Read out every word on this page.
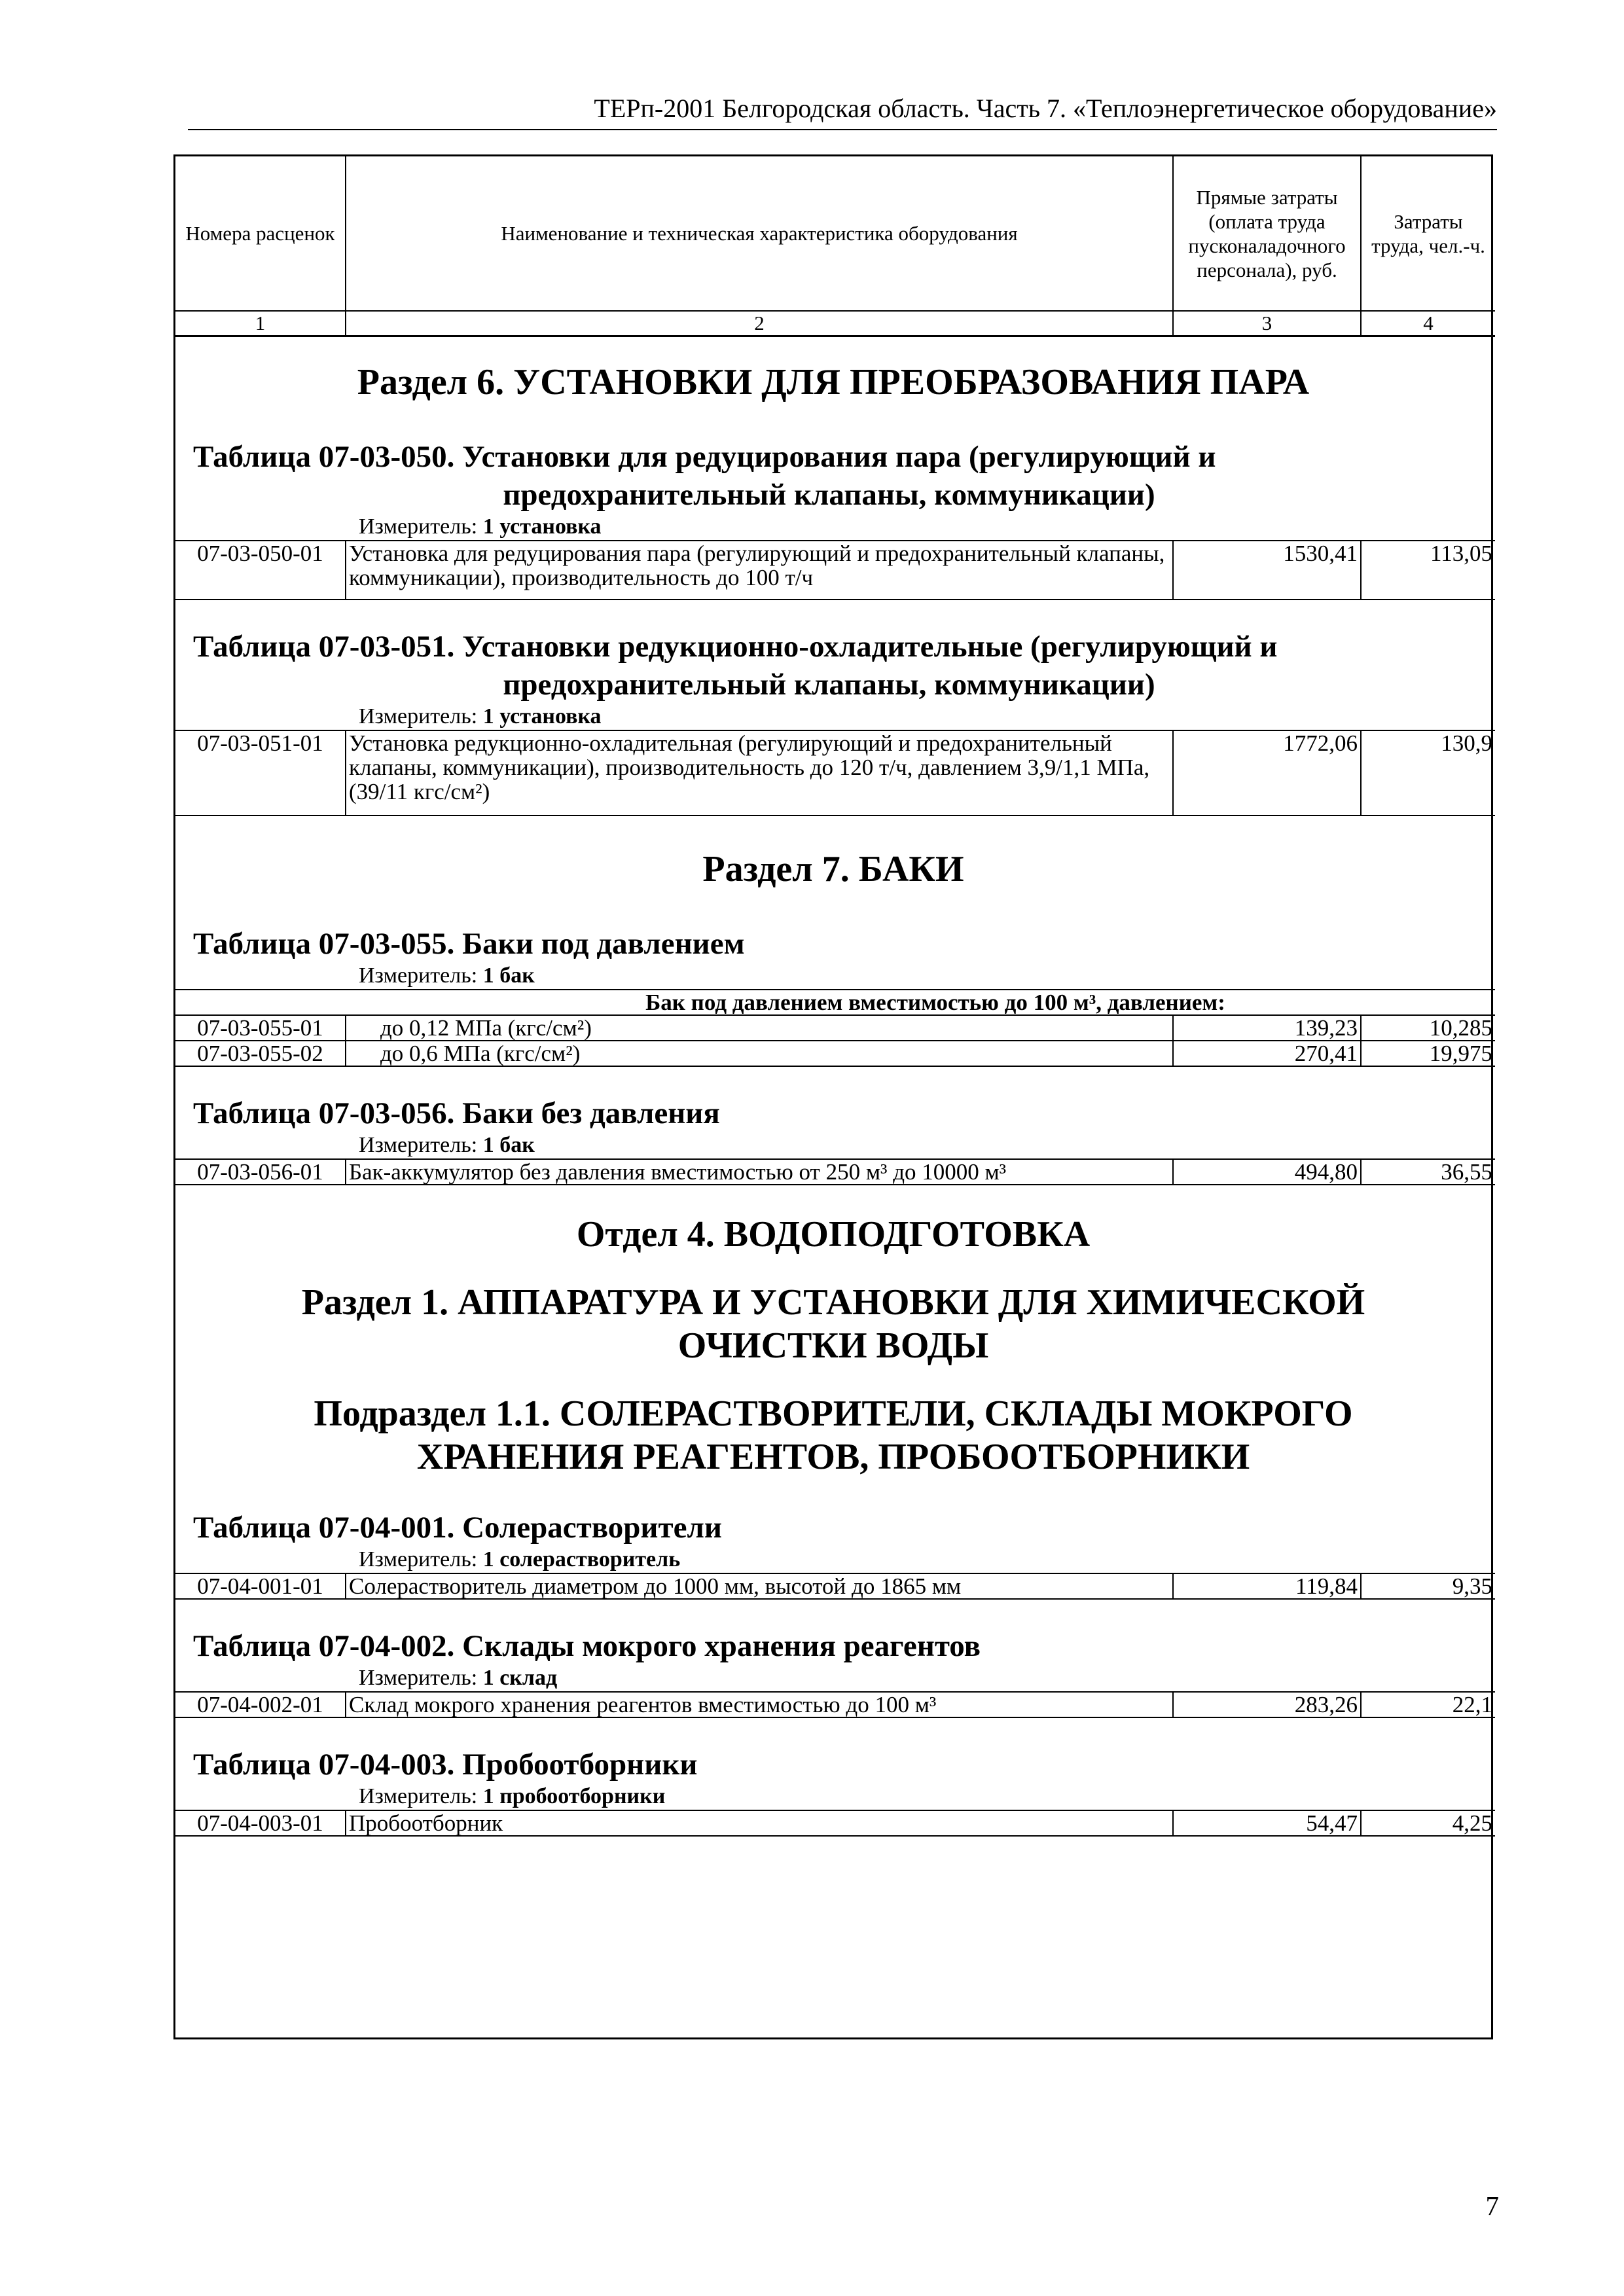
ТЕРп-2001 Белгородская область. Часть 7. «Теплоэнергетическое оборудование»
Номера расценок	Наименование и техническая характеристика оборудования	Прямые затраты (оплата труда пусконаладочного персонала), руб.	Затраты труда, чел.-ч.
1	2	3	4
Раздел 6. УСТАНОВКИ ДЛЯ ПРЕОБРАЗОВАНИЯ ПАРА
Таблица 07-03-050. Установки для редуцирования пара (регулирующий и
предохранительный клапаны, коммуникации)
Измеритель: 1 установка
07-03-050-01	Установка для редуцирования пара (регулирующий и предохранительный клапаны, коммуникации), производительность до 100 т/ч	1530,41	113,05
Таблица 07-03-051. Установки редукционно-охладительные (регулирующий и
предохранительный клапаны, коммуникации)
Измеритель: 1 установка
07-03-051-01	Установка редукционно-охладительная (регулирующий и предохранительный клапаны, коммуникации), производительность до 120 т/ч, давлением 3,9/1,1 МПа, (39/11 кгс/см²)	1772,06	130,9
Раздел 7. БАКИ
Таблица 07-03-055. Баки под давлением
Измеритель: 1 бак
Бак под давлением вместимостью до 100 м³, давлением:			
07-03-055-01	до 0,12 МПа (кгс/см²)	139,23	10,285
07-03-055-02	до 0,6 МПа (кгс/см²)	270,41	19,975
Таблица 07-03-056. Баки без давления
Измеритель: 1 бак
07-03-056-01	Бак-аккумулятор без давления вместимостью от 250 м³ до 10000 м³	494,80	36,55
Отдел 4. ВОДОПОДГОТОВКА
Раздел 1. АППАРАТУРА И УСТАНОВКИ ДЛЯ ХИМИЧЕСКОЙ
ОЧИСТКИ ВОДЫ
Подраздел 1.1. СОЛЕРАСТВОРИТЕЛИ, СКЛАДЫ МОКРОГО
ХРАНЕНИЯ РЕАГЕНТОВ, ПРОБООТБОРНИКИ
Таблица 07-04-001. Солерастворители
Измеритель: 1 солерастворитель
07-04-001-01	Солерастворитель диаметром до 1000 мм, высотой до 1865 мм	119,84	9,35
Таблица 07-04-002. Склады мокрого хранения реагентов
Измеритель: 1 склад
07-04-002-01	Склад мокрого хранения реагентов вместимостью до 100 м³	283,26	22,1
Таблица 07-04-003. Пробоотборники
Измеритель: 1 пробоотборники
07-04-003-01	Пробоотборник	54,47	4,25
7
